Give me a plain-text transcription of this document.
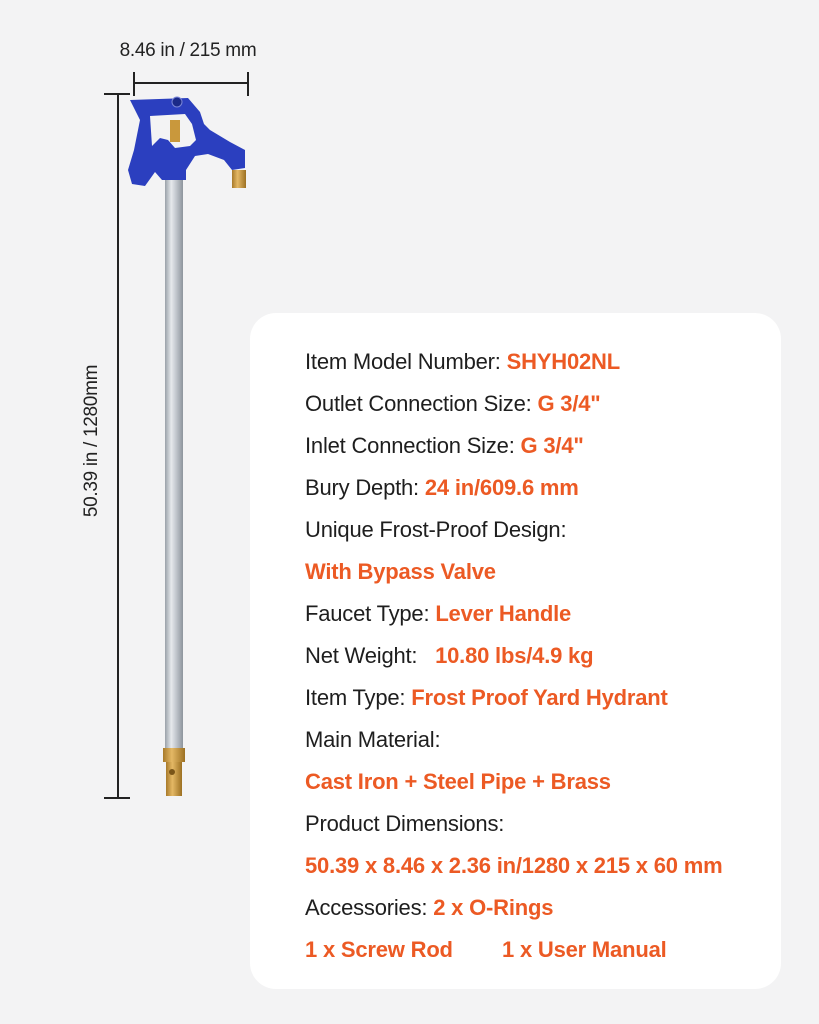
8.46 in / 215 mm
50.39 in / 1280mm
Item Model Number: SHYH02NL
Outlet Connection Size: G 3/4"
Inlet Connection Size: G 3/4"
Bury Depth: 24 in/609.6 mm
Unique Frost-Proof Design:
With Bypass Valve
Faucet Type: Lever Handle
Net Weight: 10.80 lbs/4.9 kg
Item Type: Frost Proof Yard Hydrant
Main Material:
Cast Iron + Steel Pipe + Brass
Product Dimensions:
50.39 x 8.46 x 2.36 in/1280 x 215 x 60 mm
Accessories: 2 x O-Rings
1 x Screw Rod 1 x User Manual
